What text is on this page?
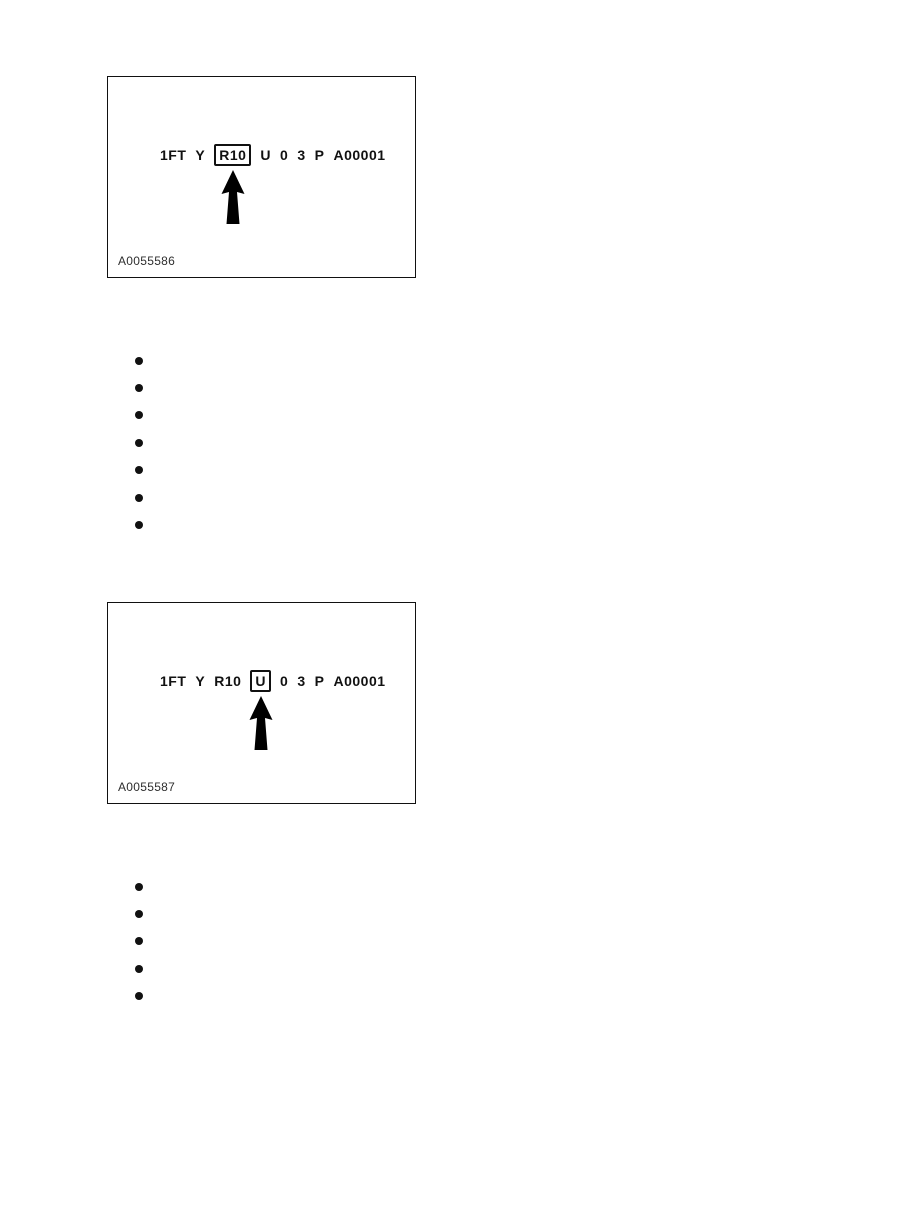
1FT Y	R10	U 0 3 P A00001
A0055586
1FT Y R10	U	0 3 P A00001
A0055587
